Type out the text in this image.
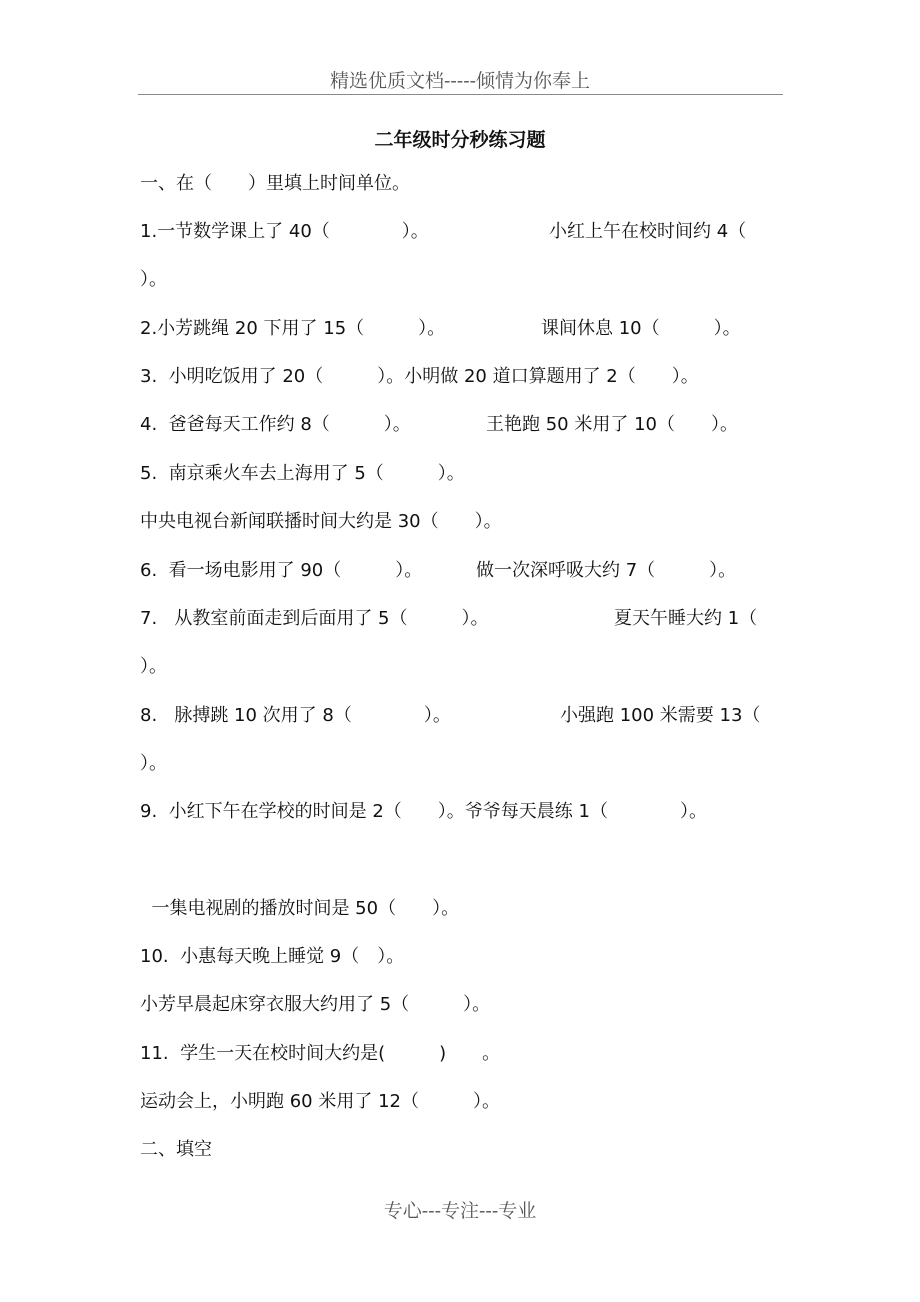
精选优质文档-----倾情为你奉上
二年级时分秒练习题
一、在（　　）里填上时间单位。
1.一节数学课上了 40（　　　　）。	小红上午在校时间约 4（
）。
2.小芳跳绳 20 下用了 15（　　　）。	课间休息 10（　　　）。
3.  小明吃饭用了 20（　　　）。小明做 20 道口算题用了 2（　　）。
4.  爸爸每天工作约 8（　　　）。	王艳跑 50 米用了 10（　　）。
5.  南京乘火车去上海用了 5（　　　）。
中央电视台新闻联播时间大约是 30（　　）。
6.  看一场电影用了 90（　　　）。	做一次深呼吸大约 7（　　　）。
7.   从教室前面走到后面用了 5（　　　）。	夏天午睡大约 1（
）。
8.   脉搏跳 10 次用了 8（　　　　）。	小强跑 100 米需要 13（
）。
9.  小红下午在学校的时间是 2（　　）。爷爷每天晨练 1（　　　　）。
一集电视剧的播放时间是 50（　　）。
10.  小惠每天晚上睡觉 9（　）。
小芳早晨起床穿衣服大约用了 5（　　　）。
11.  学生一天在校时间大约是(　　　)　　。
运动会上，小明跑 60 米用了 12（　　　）。
二、填空
专心---专注---专业
